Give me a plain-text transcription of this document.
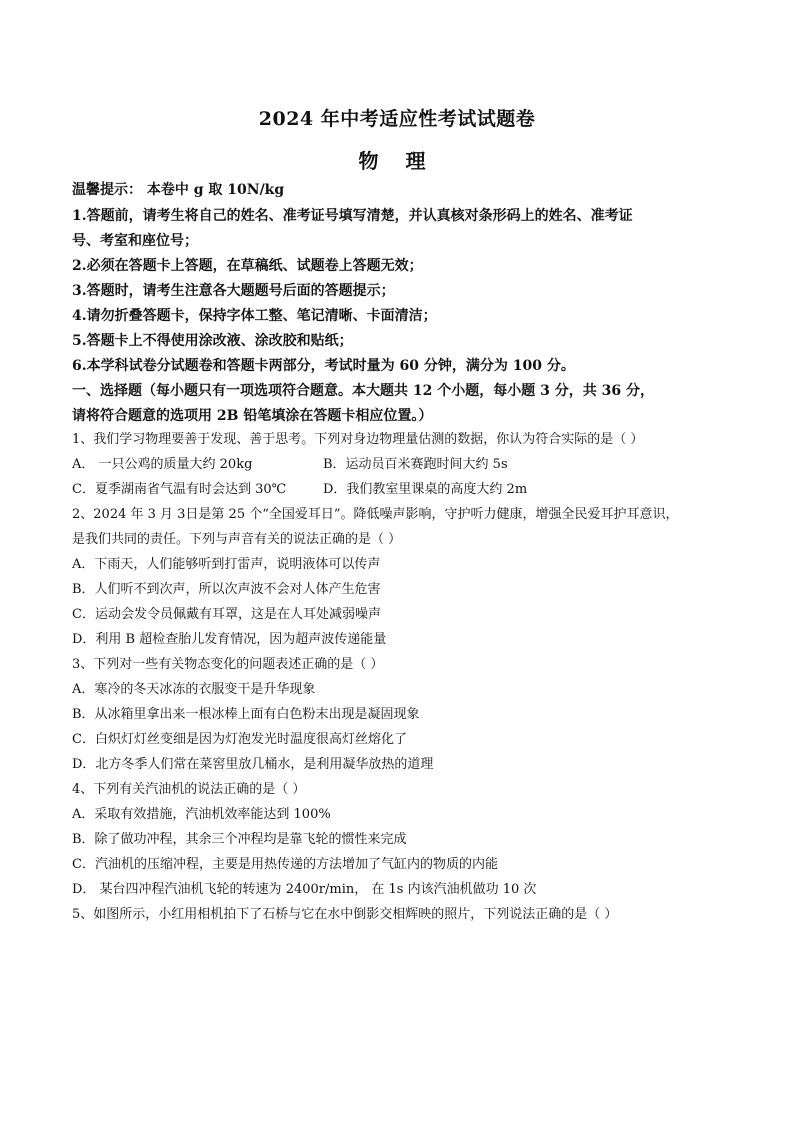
2024 年中考适应性考试试题卷
物 理
温馨提示： 本卷中 g 取 10N/kg
1.答题前，请考生将自己的姓名、准考证号填写清楚，并认真核对条形码上的姓名、准考证
号、考室和座位号；
2.必须在答题卡上答题，在草稿纸、试题卷上答题无效；
3.答题时，请考生注意各大题题号后面的答题提示；
4.请勿折叠答题卡，保持字体工整、笔记清晰、卡面清洁；
5.答题卡上不得使用涂改液、涂改胶和贴纸；
6.本学科试卷分试题卷和答题卡两部分，考试时量为 60 分钟，满分为 100 分。
一、选择题（每小题只有一项选项符合题意。本大题共 12 个小题，每小题 3 分，共 36 分，
请将符合题意的选项用 2B 铅笔填涂在答题卡相应位置。）
1、我们学习物理要善于发现、善于思考。下列对身边物理量估测的数据，你认为符合实际的是（ ）
A． 一只公鸡的质量大约 20kg	B．运动员百米赛跑时间大约 5s
C．夏季湖南省气温有时会达到 30℃	D．我们教室里课桌的高度大约 2m
2、2024 年 3 月 3日是第 25 个“全国爱耳日”。降低噪声影响，守护听力健康，增强全民爱耳护耳意识，
是我们共同的责任。下列与声音有关的说法正确的是（ ）
A．下雨天，人们能够听到打雷声，说明液体可以传声
B．人们听不到次声，所以次声波不会对人体产生危害
C．运动会发令员佩戴有耳罩，这是在人耳处减弱噪声
D．利用 B 超检查胎儿发育情况，因为超声波传递能量
3、下列对一些有关物态变化的问题表述正确的是（ ）
A．寒冷的冬天冰冻的衣服变干是升华现象
B．从冰箱里拿出来一根冰棒上面有白色粉末出现是凝固现象
C．白炽灯灯丝变细是因为灯泡发光时温度很高灯丝熔化了
D．北方冬季人们常在菜窖里放几桶水，是利用凝华放热的道理
4、下列有关汽油机的说法正确的是（ ）
A．采取有效措施，汽油机效率能达到 100%
B．除了做功冲程，其余三个冲程均是靠飞轮的惯性来完成
C．汽油机的压缩冲程，主要是用热传递的方法增加了气缸内的物质的内能
D． 某台四冲程汽油机飞轮的转速为 2400r/min， 在 1s 内该汽油机做功 10 次
5、如图所示，小红用相机拍下了石桥与它在水中倒影交相辉映的照片，下列说法正确的是（ ）
